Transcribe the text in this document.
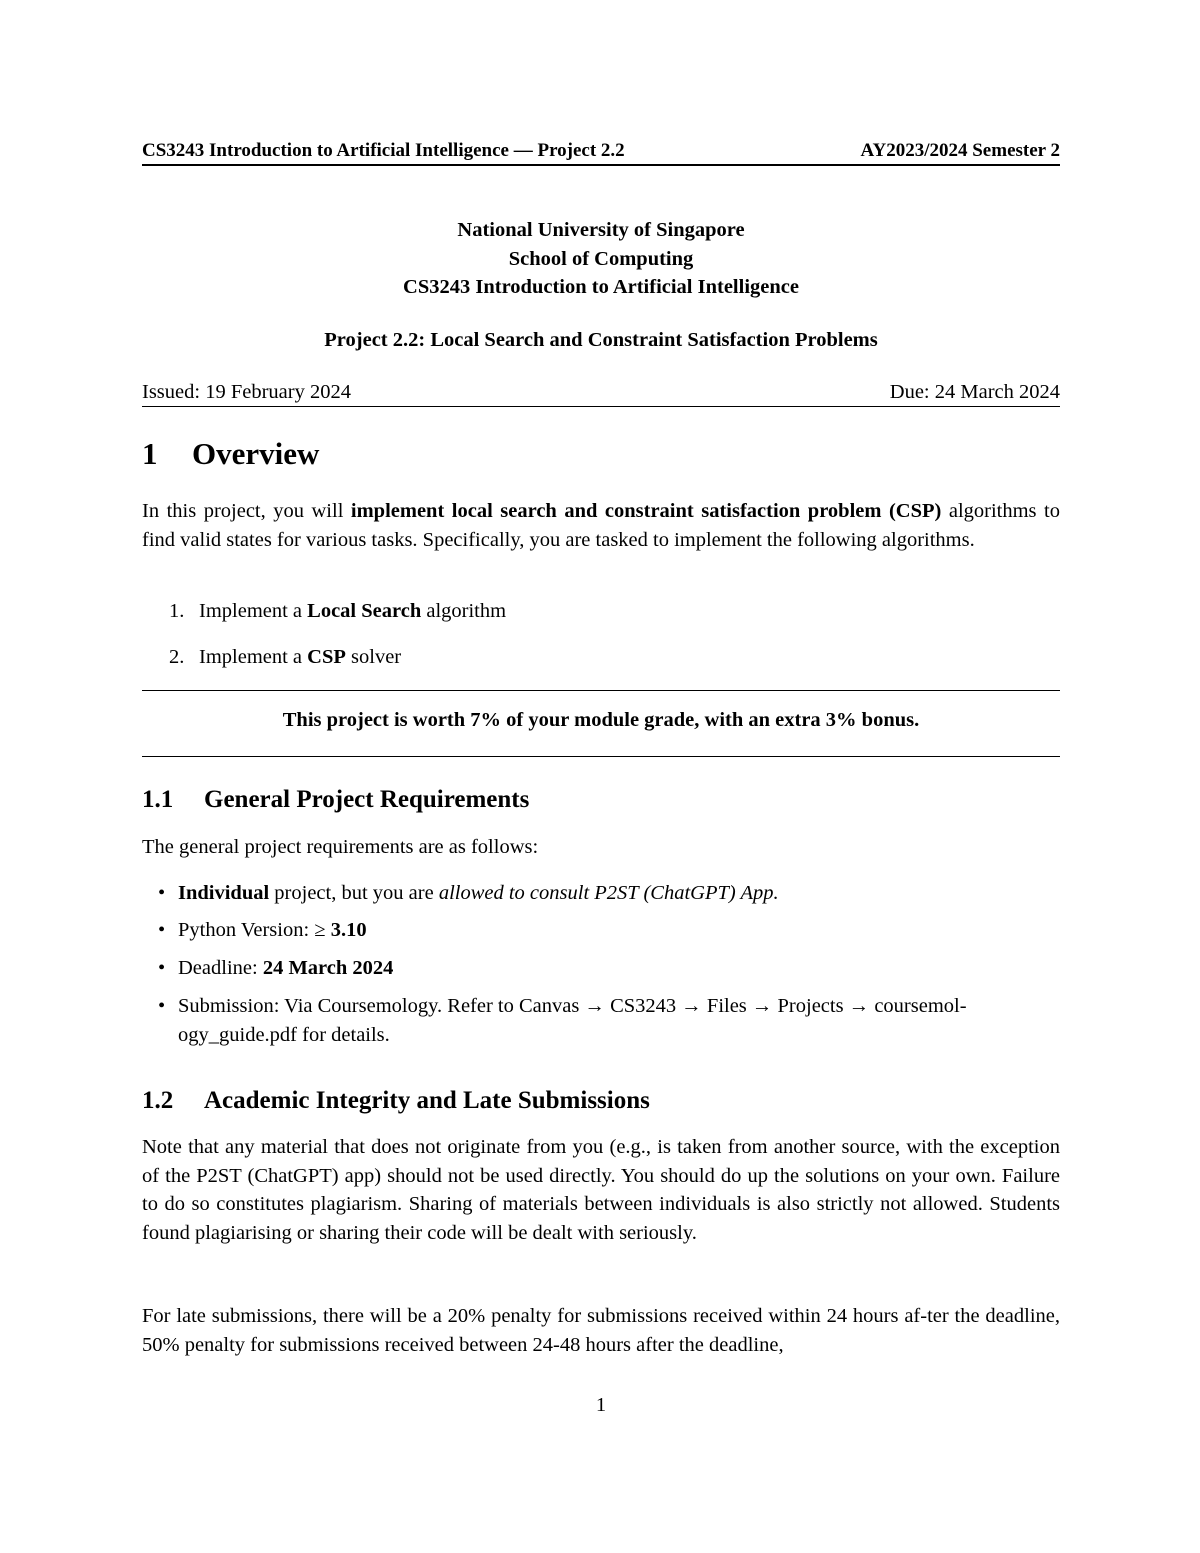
CS3243 Introduction to Artificial Intelligence — Project 2.2	AY2023/2024 Semester 2
National University of Singapore
School of Computing
CS3243 Introduction to Artificial Intelligence
Project 2.2: Local Search and Constraint Satisfaction Problems
Issued: 19 February 2024	Due: 24 March 2024
1 Overview
In this project, you will implement local search and constraint satisfaction problem (CSP) algorithms to find valid states for various tasks. Specifically, you are tasked to implement the following algorithms.
1. Implement a Local Search algorithm
2. Implement a CSP solver
This project is worth 7% of your module grade, with an extra 3% bonus.
1.1 General Project Requirements
The general project requirements are as follows:
• Individual project, but you are allowed to consult P2ST (ChatGPT) App.
• Python Version: ≥ 3.10
• Deadline: 24 March 2024
• Submission: Via Coursemology. Refer to Canvas → CS3243 → Files → Projects → coursemol-ogy_guide.pdf for details.
1.2 Academic Integrity and Late Submissions
Note that any material that does not originate from you (e.g., is taken from another source, with the exception of the P2ST (ChatGPT) app) should not be used directly. You should do up the solutions on your own. Failure to do so constitutes plagiarism. Sharing of materials between individuals is also strictly not allowed. Students found plagiarising or sharing their code will be dealt with seriously.
For late submissions, there will be a 20% penalty for submissions received within 24 hours af-ter the deadline, 50% penalty for submissions received between 24-48 hours after the deadline,
1
